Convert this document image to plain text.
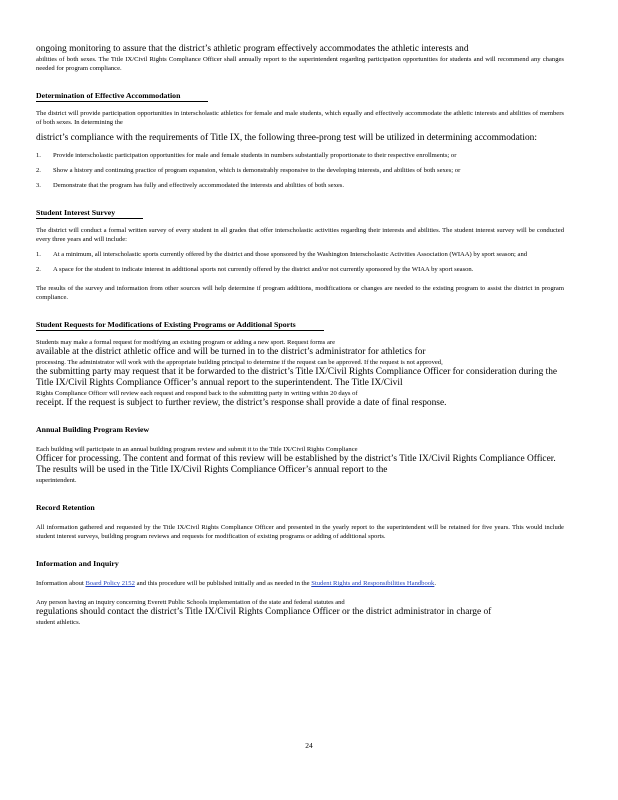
ongoing monitoring to assure that the district’s athletic program effectively accommodates the athletic interests and

abilities of both sexes. The Title IX/Civil Rights Compliance Officer shall annually report to the superintendent regarding participation opportunities for students and will recommend any changes needed for program compliance.

Determination of Effective Accommodation

The district will provide participation opportunities in interscholastic athletics for female and male students, which equally and effectively accommodate the athletic interests and abilities of members of both sexes. In determining the

district’s compliance with the requirements of Title IX, the following three-prong test will be utilized in determining accommodation:

1.	Provide interscholastic participation opportunities for male and female students in numbers substantially proportionate to their respective enrollments; or
2.	Show a history and continuing practice of program expansion, which is demonstrably responsive to the developing interests, and abilities of both sexes; or
3.	Demonstrate that the program has fully and effectively accommodated the interests and abilities of both sexes.
Student Interest Survey

The district will conduct a formal written survey of every student in all grades that offer interscholastic activities regarding their interests and abilities. The student interest survey will be conducted every three years and will include:

1.	At a minimum, all interscholastic sports currently offered by the district and those sponsored by the Washington Interscholastic Activities Association (WIAA) by sport season; and
2.	A space for the student to indicate interest in additional sports not currently offered by the district and/or not currently sponsored by the WIAA by sport season.

The results of the survey and information from other sources will help determine if program additions, modifications or changes are needed to the existing program to assist the district in program compliance.

Student Requests for Modifications of Existing Programs or Additional Sports

Students may make a formal request for modifying an existing program or adding a new sport. Request forms are

available at the district athletic office and will be turned in to the district’s administrator for athletics for

processing. The administrator will work with the appropriate building principal to determine if the request can be approved. If the request is not approved,

the submitting party may request that it be forwarded to the district’s Title IX/Civil Rights Compliance Officer for consideration during the Title IX/Civil Rights Compliance Officer’s annual report to the superintendent. The Title IX/Civil

Rights Compliance Officer will review each request and respond back to the submitting party in writing within 20 days of

receipt. If the request is subject to further review, the district’s response shall provide a date of final response.

Annual Building Program Review

Each building will participate in an annual building program review and submit it to the Title IX/Civil Rights Compliance

Officer for processing. The content and format of this review will be established by the district’s Title IX/Civil Rights Compliance Officer. The results will be used in the Title IX/Civil Rights Compliance Officer’s annual report to the

superintendent.

Record Retention

All information gathered and requested by the Title IX/Civil Rights Compliance Officer and presented in the yearly report to the superintendent will be retained for five years. This would include student interest surveys, building program reviews and requests for modification of existing programs or adding of additional sports.

Information and Inquiry

Information about Board Policy 2152 and this procedure will be published initially and as needed in the Student Rights and Responsibilities Handbook.

Any person having an inquiry concerning Everett Public Schools implementation of the state and federal statutes and

regulations should contact the district’s Title IX/Civil Rights Compliance Officer or the district administrator in charge of

student athletics.

24
